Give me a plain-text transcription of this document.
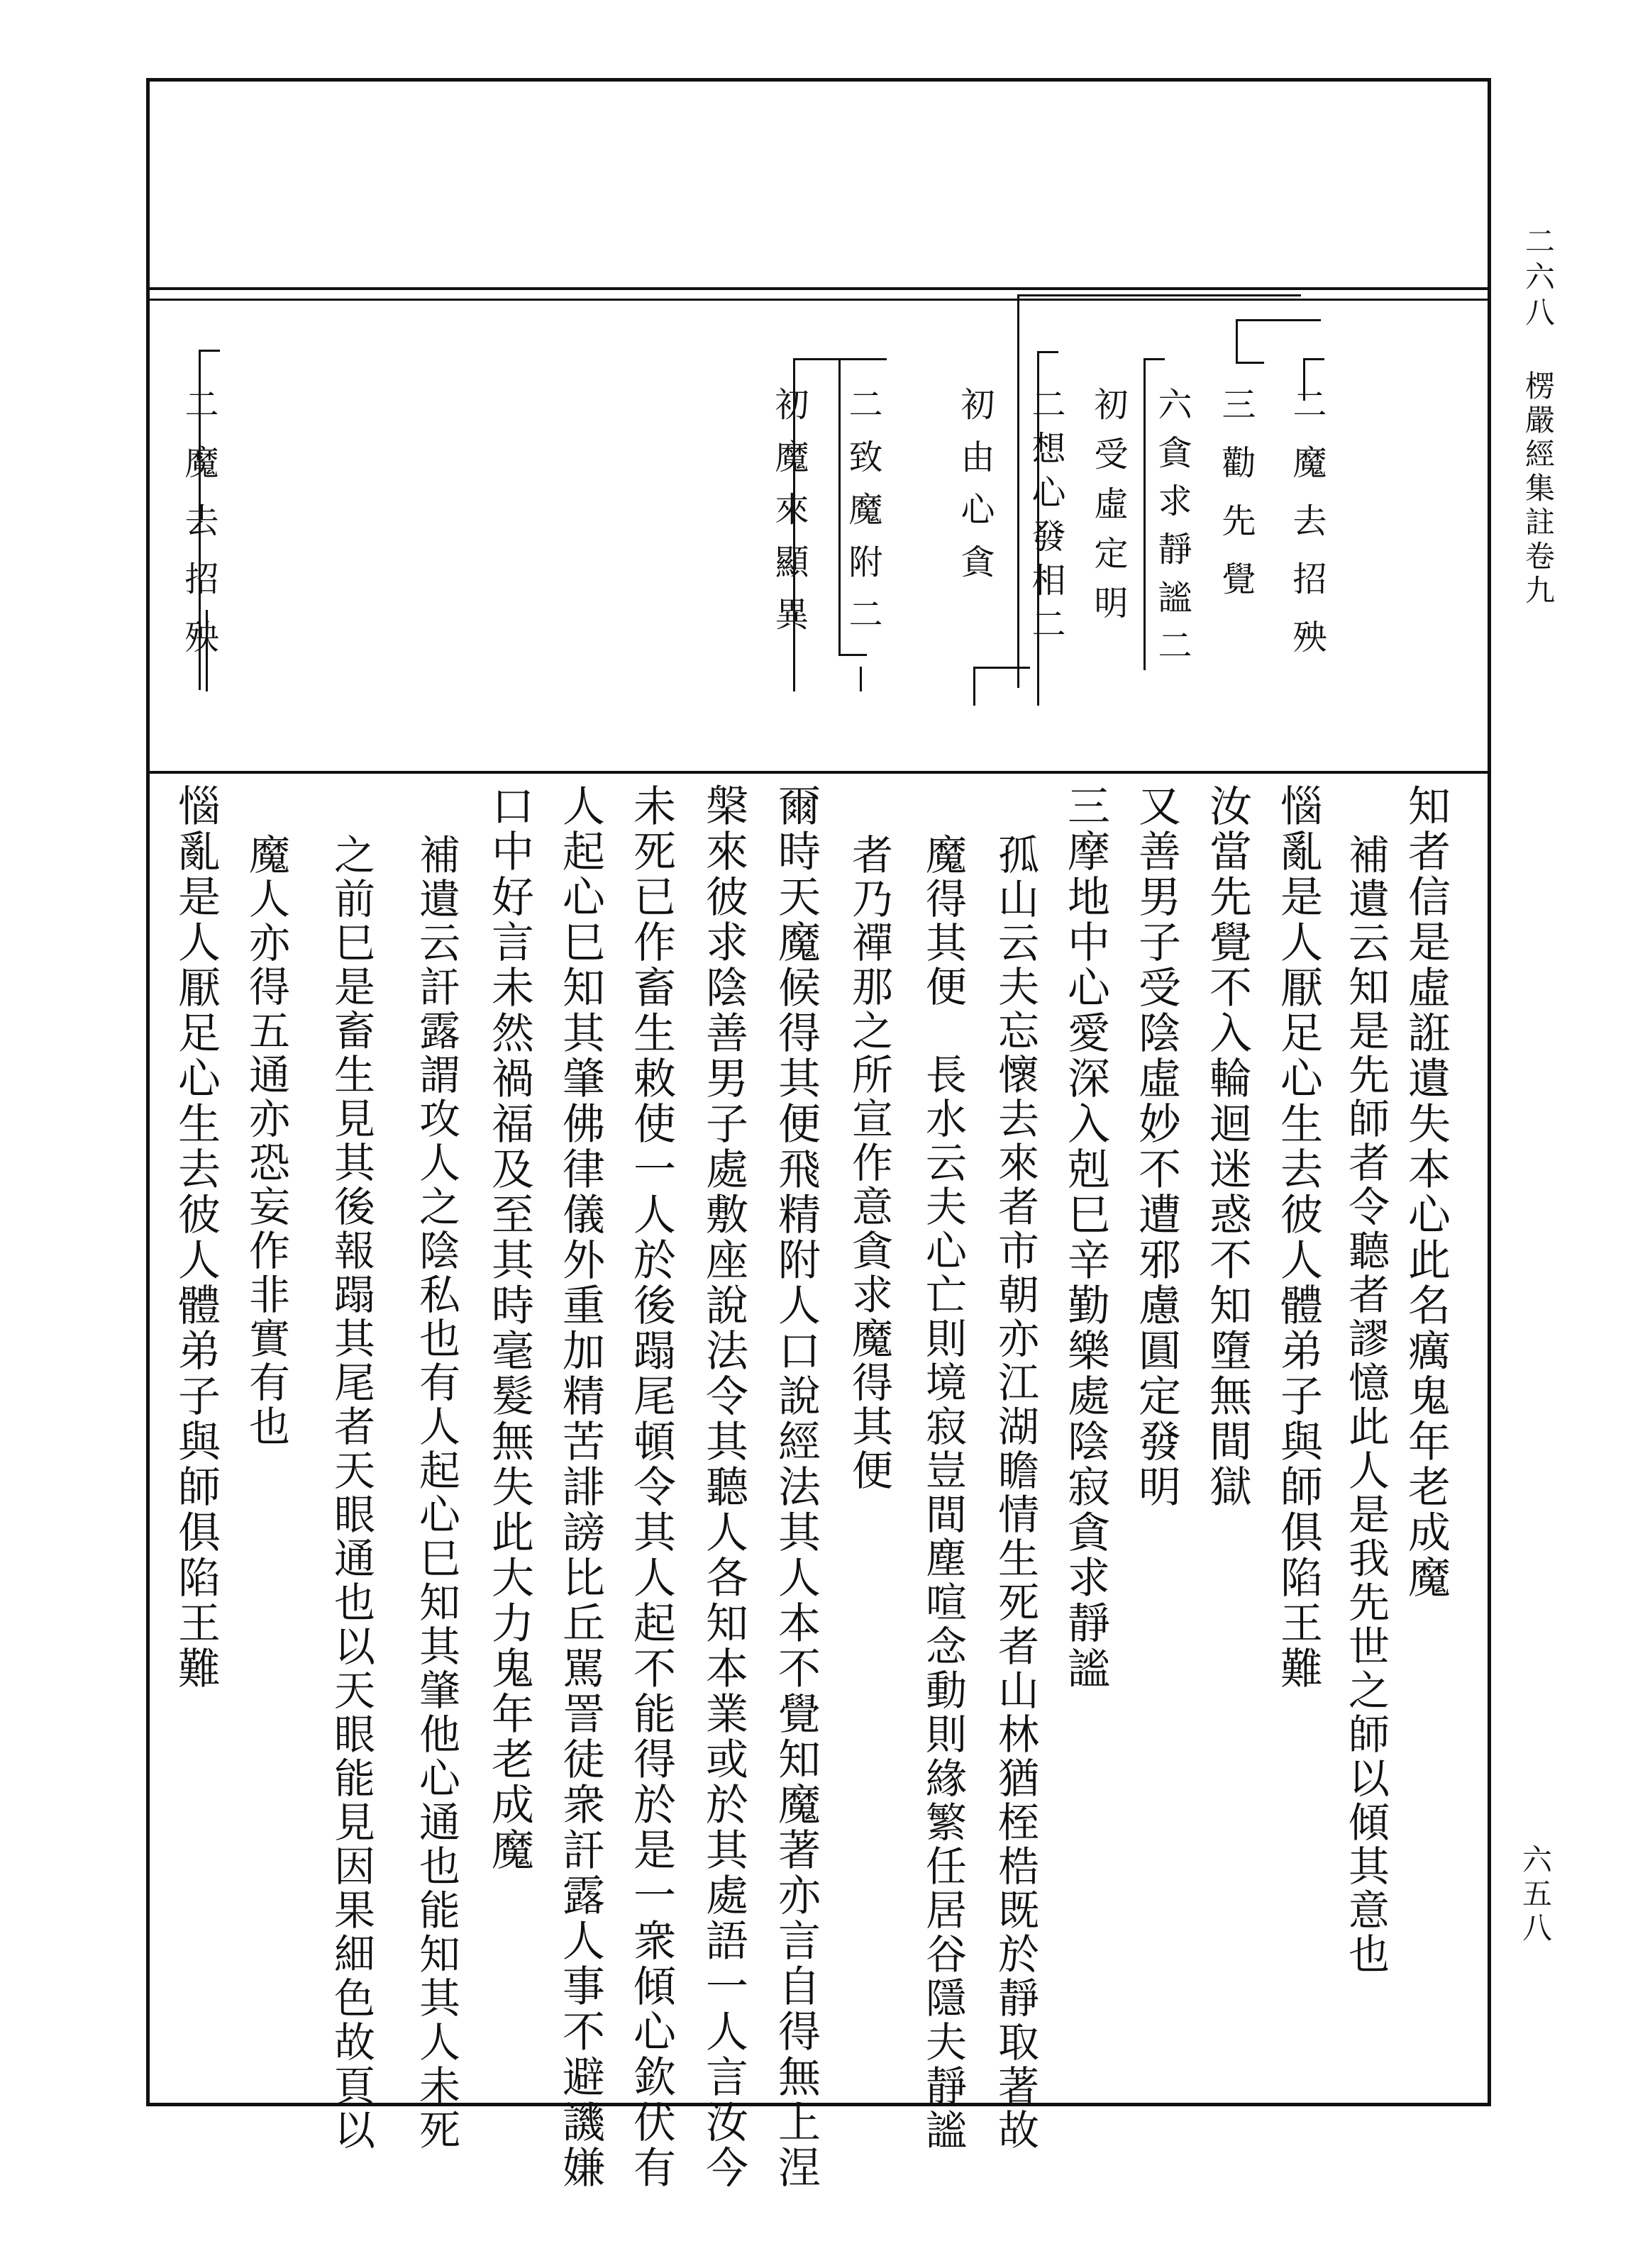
二六八
楞嚴經集註卷九
六五八
二魔去招殃
三勸先覺
六貪求靜謐二
初受虛定明
二想心發相二
初由心貪
二致魔附二
初魔來顯異
二魔去招殃
知者信是虛誑遺失本心此名癘鬼年老成魔
補遺云知是先師者令聽者謬憶此人是我先世之師以傾其意也
惱亂是人厭足心生去彼人體弟子與師俱陷王難
汝當先覺不入輪迴迷惑不知墮無間獄
又善男子受陰虛妙不遭邪慮圓定發明
三摩地中心愛深入剋巳辛勤樂處陰寂貪求靜謐
孤山云夫忘懷去來者市朝亦江湖瞻情生死者山林猶桎梏既於靜取著故
魔得其便　長水云夫心亡則境寂豈間塵喧念動則緣繁任居谷隱夫靜謐
者乃禪那之所宣作意貪求魔得其便
爾時天魔候得其便飛精附人口說經法其人本不覺知魔著亦言自得無上涅
槃來彼求陰善男子處敷座說法令其聽人各知本業或於其處語一人言汝今
未死已作畜生敕使一人於後蹋尾頓令其人起不能得於是一衆傾心欽伏有
人起心巳知其肇佛律儀外重加精苦誹謗比丘駡詈徒衆訐露人事不避譏嫌
口中好言未然禍福及至其時毫髮無失此大力鬼年老成魔
補遺云訐露謂攻人之陰私也有人起心巳知其肇他心通也能知其人未死
之前巳是畜生見其後報蹋其尾者天眼通也以天眼能見因果細色故頁以
魔人亦得五通亦恐妄作非實有也
惱亂是人厭足心生去彼人體弟子與師俱陷王難
